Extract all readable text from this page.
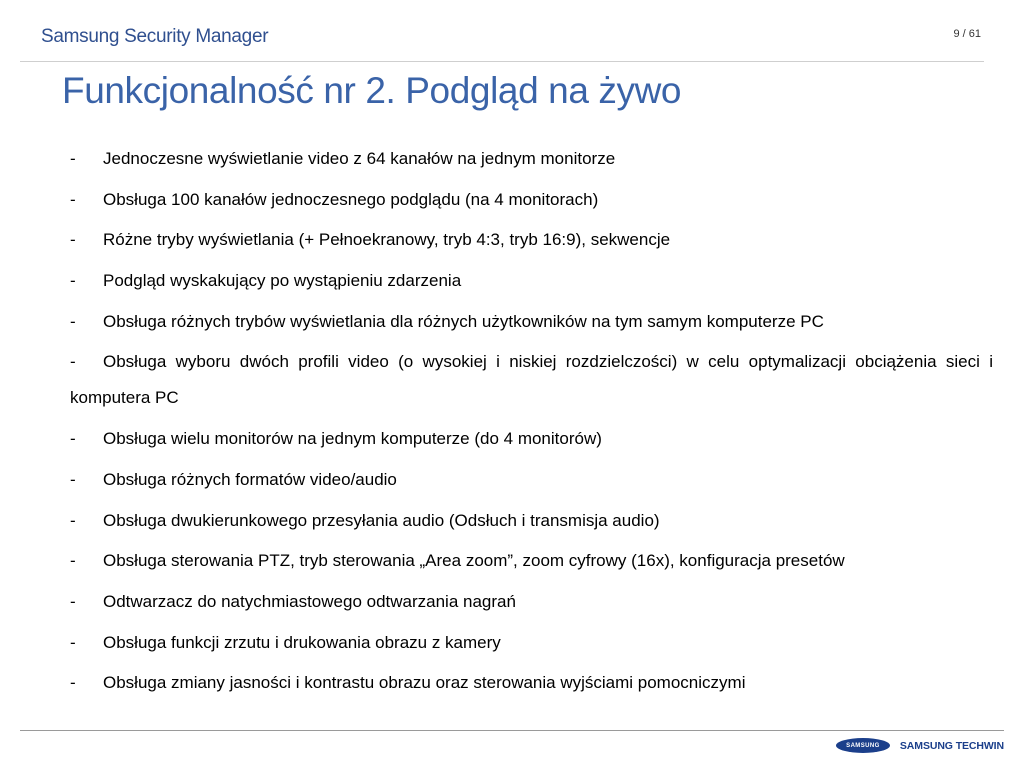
Samsung Security Manager	9 / 61
Funkcjonalność nr 2. Podgląd na żywo
-	Jednoczesne wyświetlanie video z 64 kanałów na jednym monitorze
-	Obsługa 100 kanałów jednoczesnego podglądu (na 4 monitorach)
-	Różne tryby wyświetlania (+ Pełnoekranowy, tryb 4:3, tryb 16:9), sekwencje
-	Podgląd wyskakujący po wystąpieniu zdarzenia
-	Obsługa różnych trybów wyświetlania dla różnych użytkowników na tym samym komputerze PC
- Obsługa wyboru dwóch profili video (o wysokiej i niskiej rozdzielczości) w celu optymalizacji obciążenia sieci i komputera PC
-	Obsługa wielu monitorów na jednym komputerze (do 4 monitorów)
-	Obsługa różnych formatów video/audio
-	Obsługa dwukierunkowego przesyłania audio (Odsłuch i transmisja audio)
-	Obsługa sterowania PTZ, tryb sterowania „Area zoom”, zoom cyfrowy (16x), konfiguracja presetów
-	Odtwarzacz do natychmiastowego odtwarzania nagrań
-	Obsługa funkcji zrzutu i drukowania obrazu z kamery
-	Obsługa zmiany jasności i kontrastu obrazu oraz sterowania wyjściami pomocniczymi
SAMSUNG	SAMSUNG TECHWIN
